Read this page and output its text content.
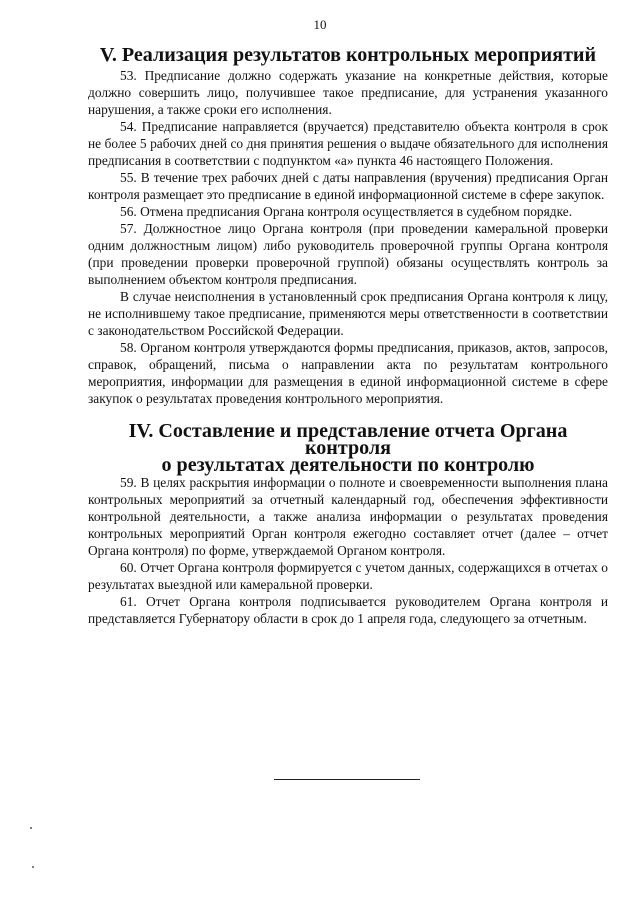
10
V. Реализация результатов контрольных мероприятий

53. Предписание должно содержать указание на конкретные действия, которые должно совершить лицо, получившее такое предписание, для устранения указанного нарушения, а также сроки его исполнения.

54. Предписание направляется (вручается) представителю объекта контроля в срок не более 5 рабочих дней со дня принятия решения о выдаче обязательного для исполнения предписания в соответствии с подпунктом «а» пункта 46 настоящего Положения.

55. В течение трех рабочих дней с даты направления (вручения) предписания Орган контроля размещает это предписание в единой информационной системе в сфере закупок.

56. Отмена предписания Органа контроля осуществляется в судебном порядке.

57. Должностное лицо Органа контроля (при проведении камеральной проверки одним должностным лицом) либо руководитель проверочной группы Органа контроля (при проведении проверки проверочной группой) обязаны осуществлять контроль за выполнением объектом контроля предписания.

В случае неисполнения в установленный срок предписания Органа контроля к лицу, не исполнившему такое предписание, применяются меры ответственности в соответствии с законодательством Российской Федерации.

58. Органом контроля утверждаются формы предписания, приказов, актов, запросов, справок, обращений, письма о направлении акта по результатам контрольного мероприятия, информации для размещения в единой информационной системе в сфере закупок о результатах проведения контрольного мероприятия.

IV. Составление и представление отчета Органа контроля
о результатах деятельности по контролю

59. В целях раскрытия информации о полноте и своевременности выполнения плана контрольных мероприятий за отчетный календарный год, обеспечения эффективности контрольной деятельности, а также анализа информации о результатах проведения контрольных мероприятий Орган контроля ежегодно составляет отчет (далее – отчет Органа контроля) по форме, утверждаемой Органом контроля.

60. Отчет Органа контроля формируется с учетом данных, содержащихся в отчетах о результатах выездной или камеральной проверки.

61. Отчет Органа контроля подписывается руководителем Органа контроля и представляется Губернатору области в срок до 1 апреля года, следующего за отчетным.
